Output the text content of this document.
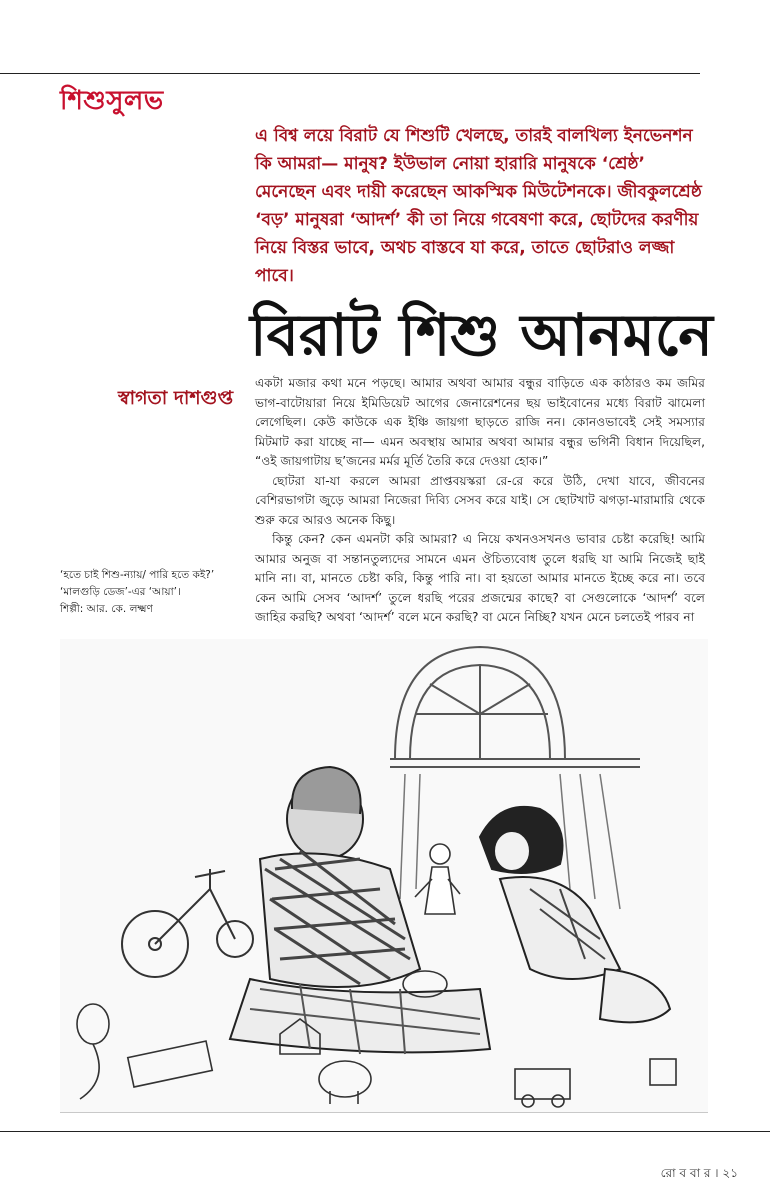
শিশুসুলভ
এ বিশ্ব লয়ে বিরাট যে শিশুটি খেলছে, তারই বালখিল্য ইনভেনশন কি আমরা— মানুষ? ইউভাল নোয়া হারারি মানুষকে ‘শ্রেষ্ঠ’ মেনেছেন এবং দায়ী করেছেন আকস্মিক মিউটেশনকে। জীবকুলশ্রেষ্ঠ ‘বড়’ মানুষরা ‘আদর্শ’ কী তা নিয়ে গবেষণা করে, ছোটদের করণীয় নিয়ে বিস্তর ভাবে, অথচ বাস্তবে যা করে, তাতে ছোটরাও লজ্জা পাবে।
বিরাট শিশু আনমনে
স্বাগতা দাশগুপ্ত

একটা মজার কথা মনে পড়ছে। আমার অথবা আমার বন্ধুর বাড়িতে এক কাঠারও কম জমির ভাগ-বাটোয়ারা নিয়ে ইমিডিয়েট আগের জেনারেশনের ছয় ভাইবোনের মধ্যে বিরাট ঝামেলা লেগেছিল। কেউ কাউকে এক ইঞ্চি জায়গা ছাড়তে রাজি নন। কোনওভাবেই সেই সমস্যার মিটমাট করা যাচ্ছে না— এমন অবস্থায় আমার অথবা আমার বন্ধুর ভগিনী বিধান দিয়েছিল, “ওই জায়গাটায় ছ’জনের মর্মর মূর্তি তৈরি করে দেওয়া হোক।”

ছোটরা যা-যা করলে আমরা প্রাপ্তবয়স্করা রে-রে করে উঠি, দেখা যাবে, জীবনের বেশিরভাগটা জুড়ে আমরা নিজেরা দিব্যি সেসব করে যাই। সে ছোটখাট ঝগড়া-মারামারি থেকে শুরু করে আরও অনেক কিছু।

কিন্তু কেন? কেন এমনটা করি আমরা? এ নিয়ে কখনওসখনও ভাবার চেষ্টা করেছি! আমি আমার অনুজ বা সন্তানতুল্যদের সামনে এমন ঔচিত্যবোধ তুলে ধরছি যা আমি নিজেই ছাই মানি না। বা, মানতে চেষ্টা করি, কিন্তু পারি না। বা হয়তো আমার মানতে ইচ্ছে করে না। তবে কেন আমি সেসব ‘আদর্শ’ তুলে ধরছি পরের প্রজন্মের কাছে? বা সেগুলোকে ‘আদর্শ’ বলে জাহির করছি? অথবা ‘আদর্শ’ বলে মনে করছি? বা মেনে নিচ্ছি? যখন মেনে চলতেই পারব না

‘হতে চাই শিশু-ন্যায়/ পারি হতে কই?’
‘মালগুড়ি ডেজ’-এর ‘আয়া’।
শিল্পী: আর. কে. লক্ষ্মণ
রো ব বা র । ২১
